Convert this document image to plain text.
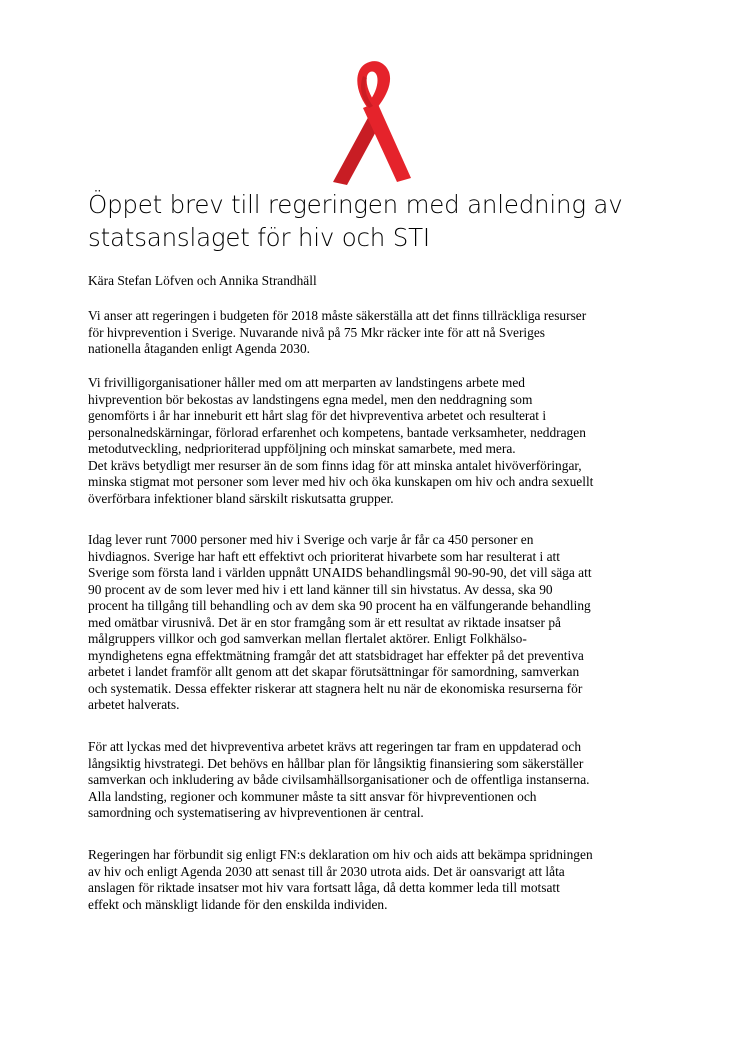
Öppet brev till regeringen med anledning av
statsanslaget för hiv och STI
Kära Stefan Löfven och Annika Strandhäll
Vi anser att regeringen i budgeten för 2018 måste säkerställa att det finns tillräckliga resurser
för hivprevention i Sverige. Nuvarande nivå på 75 Mkr räcker inte för att nå Sveriges
nationella åtaganden enligt Agenda 2030.
Vi frivilligorganisationer håller med om att merparten av landstingens arbete med
hivprevention bör bekostas av landstingens egna medel, men den neddragning som
genomförts i år har inneburit ett hårt slag för det hivpreventiva arbetet och resulterat i
personalnedskärningar, förlorad erfarenhet och kompetens, bantade verksamheter, neddragen
metodutveckling, nedprioriterad uppföljning och minskat samarbete, med mera.
Det krävs betydligt mer resurser än de som finns idag för att minska antalet hivöverföringar,
minska stigmat mot personer som lever med hiv och öka kunskapen om hiv och andra sexuellt
överförbara infektioner bland särskilt riskutsatta grupper.
Idag lever runt 7000 personer med hiv i Sverige och varje år får ca 450 personer en
hivdiagnos. Sverige har haft ett effektivt och prioriterat hivarbete som har resulterat i att
Sverige som första land i världen uppnått UNAIDS behandlingsmål 90-90-90, det vill säga att
90 procent av de som lever med hiv i ett land känner till sin hivstatus. Av dessa, ska 90
procent ha tillgång till behandling och av dem ska 90 procent ha en välfungerande behandling
med omätbar virusnivå. Det är en stor framgång som är ett resultat av riktade insatser på
målgruppers villkor och god samverkan mellan flertalet aktörer. Enligt Folkhälso-
myndighetens egna effektmätning framgår det att statsbidraget har effekter på det preventiva
arbetet i landet framför allt genom att det skapar förutsättningar för samordning, samverkan
och systematik. Dessa effekter riskerar att stagnera helt nu när de ekonomiska resurserna för
arbetet halverats.
För att lyckas med det hivpreventiva arbetet krävs att regeringen tar fram en uppdaterad och
långsiktig hivstrategi. Det behövs en hållbar plan för långsiktig finansiering som säkerställer
samverkan och inkludering av både civilsamhällsorganisationer och de offentliga instanserna.
Alla landsting, regioner och kommuner måste ta sitt ansvar för hivpreventionen och
samordning och systematisering av hivpreventionen är central.
Regeringen har förbundit sig enligt FN:s deklaration om hiv och aids att bekämpa spridningen
av hiv och enligt Agenda 2030 att senast till år 2030 utrota aids. Det är oansvarigt att låta
anslagen för riktade insatser mot hiv vara fortsatt låga, då detta kommer leda till motsatt
effekt och mänskligt lidande för den enskilda individen.
